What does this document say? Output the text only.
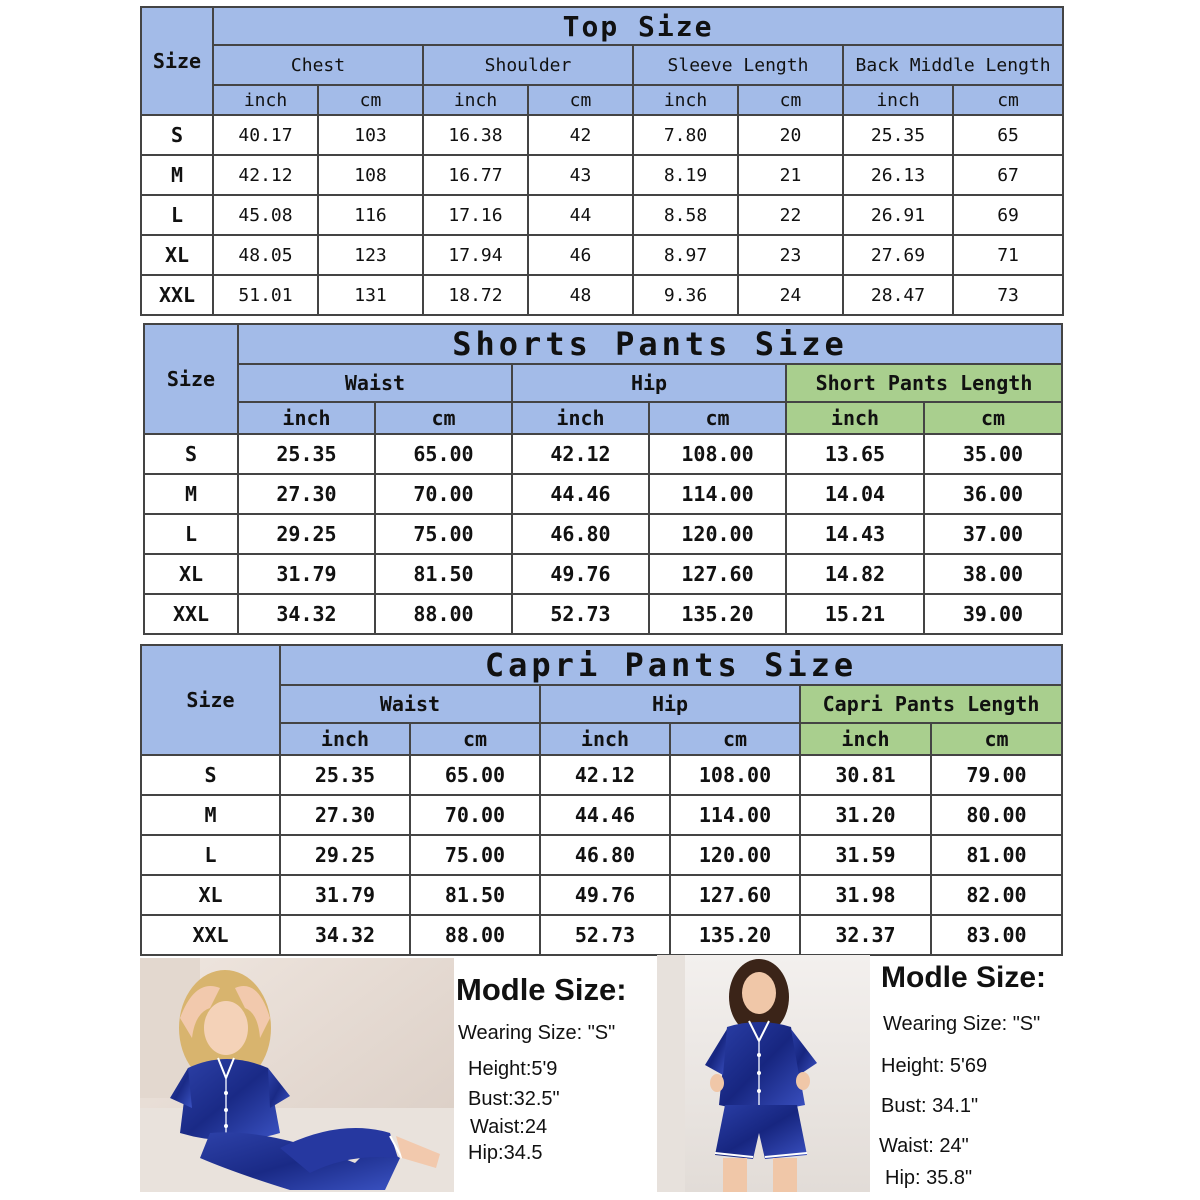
Size	Top Size							
	Chest		Shoulder		Sleeve Length		Back Middle Length	
	inch	cm	inch	cm	inch	cm	inch	cm
S	40.17	103	16.38	42	7.80	20	25.35	65
M	42.12	108	16.77	43	8.19	21	26.13	67
L	45.08	116	17.16	44	8.58	22	26.91	69
XL	48.05	123	17.94	46	8.97	23	27.69	71
XXL	51.01	131	18.72	48	9.36	24	28.47	73
Size	Shorts Pants Size					
	Waist		Hip		Short Pants Length	
	inch	cm	inch	cm	inch	cm
S	25.35	65.00	42.12	108.00	13.65	35.00
M	27.30	70.00	44.46	114.00	14.04	36.00
L	29.25	75.00	46.80	120.00	14.43	37.00
XL	31.79	81.50	49.76	127.60	14.82	38.00
XXL	34.32	88.00	52.73	135.20	15.21	39.00
Size	Capri Pants Size					
	Waist		Hip		Capri Pants Length	
	inch	cm	inch	cm	inch	cm
S	25.35	65.00	42.12	108.00	30.81	79.00
M	27.30	70.00	44.46	114.00	31.20	80.00
L	29.25	75.00	46.80	120.00	31.59	81.00
XL	31.79	81.50	49.76	127.60	31.98	82.00
XXL	34.32	88.00	52.73	135.20	32.37	83.00
Modle Size:
Wearing Size: "S"
Height:5'9
Bust:32.5"
Waist:24
Hip:34.5
Modle Size:
Wearing Size: "S"
Height: 5'69
Bust: 34.1"
Waist: 24"
Hip: 35.8"
